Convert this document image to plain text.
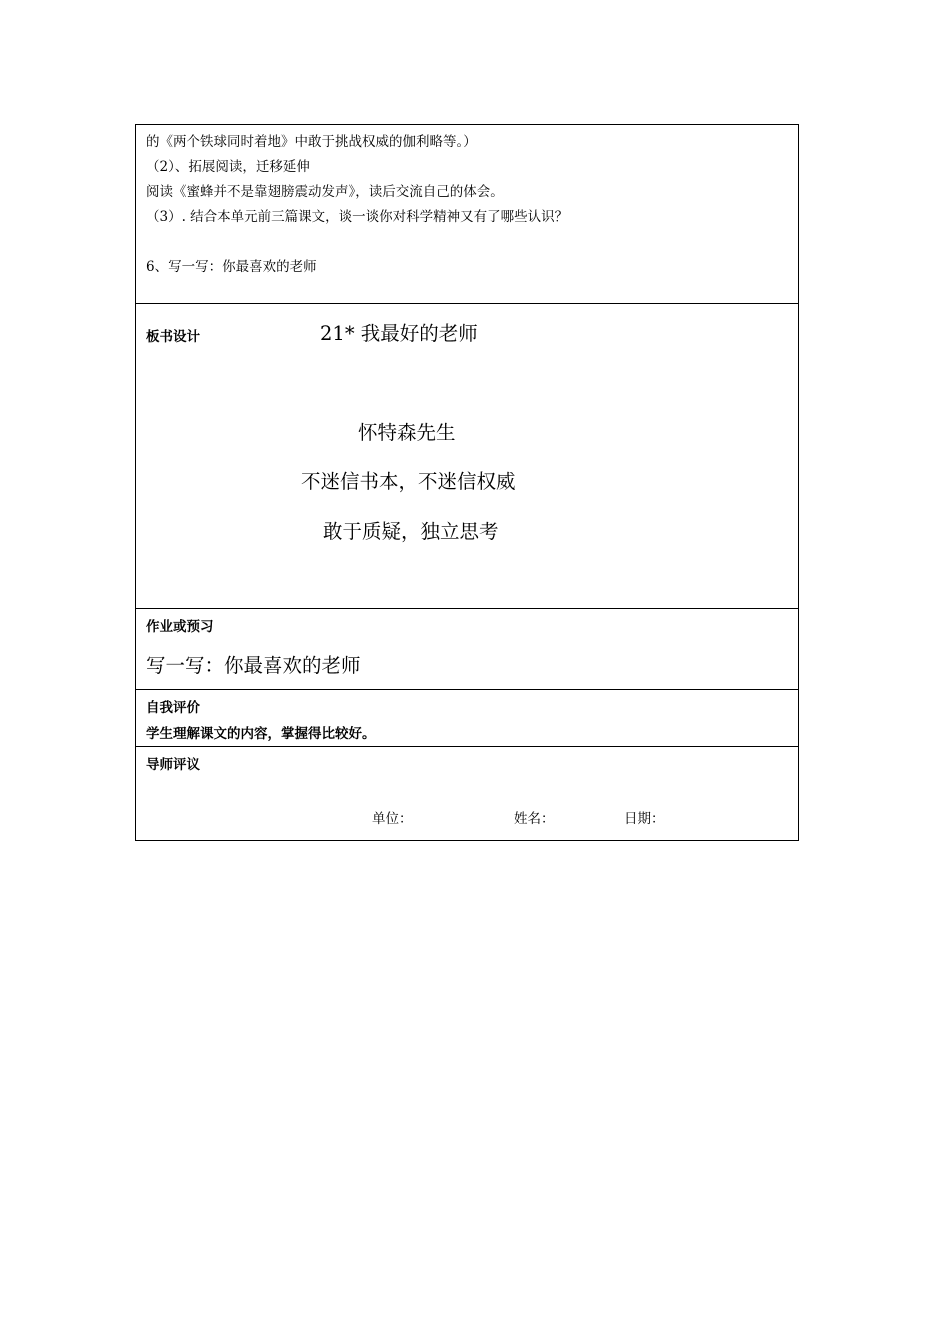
的《两个铁球同时着地》中敢于挑战权威的伽利略等。）
（2）、拓展阅读，迁移延伸
阅读《蜜蜂并不是靠翅膀震动发声》，读后交流自己的体会。
（3）. 结合本单元前三篇课文，谈一谈你对科学精神又有了哪些认识？
6、写一写：你最喜欢的老师
板书设计	21* 我最好的老师
怀特森先生
不迷信书本，不迷信权威
敢于质疑，独立思考
作业或预习
写一写：你最喜欢的老师
自我评价
学生理解课文的内容，掌握得比较好。
导师评议
单位：	姓名：	日期：
